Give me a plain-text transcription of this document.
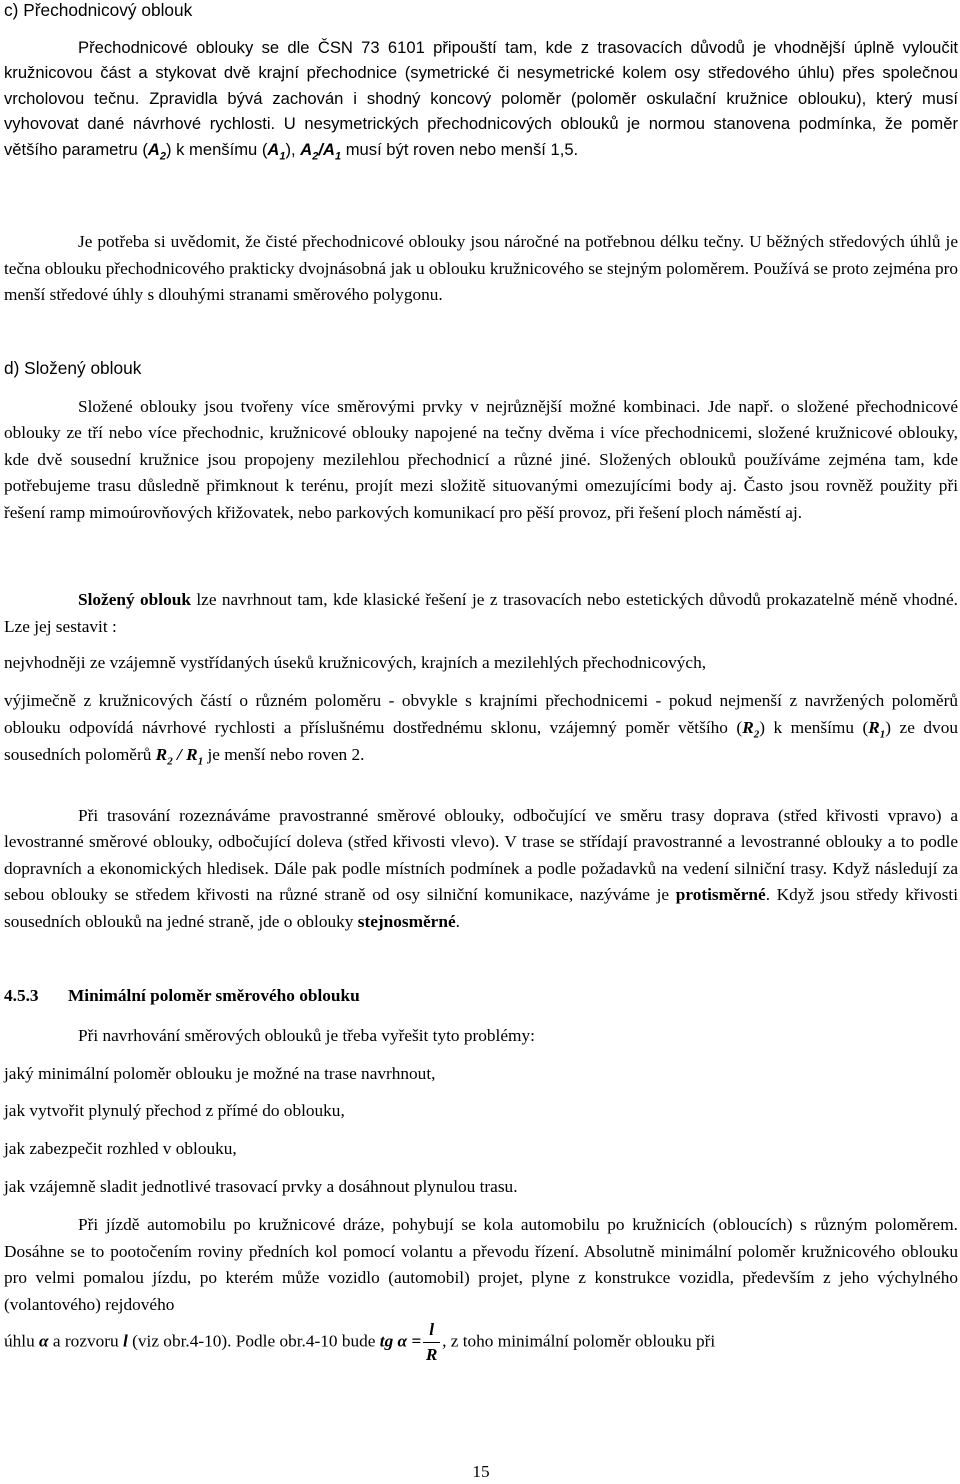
c) Přechodnicový oblouk

Přechodnicové oblouky se dle ČSN 73 6101 připouští tam, kde z trasovacích důvodů je vhodnější úplně vyloučit kružnicovou část a stykovat dvě krajní přechodnice (symetrické či nesymetrické kolem osy středového úhlu) přes společnou vrcholovou tečnu. Zpravidla bývá zachován i shodný koncový poloměr (poloměr oskulační kružnice oblouku), který musí vyhovovat dané návrhové rychlosti. U nesymetrických přechodnicových oblouků je normou stanovena podmínka, že poměr většího parametru $(A_2)$ k menšímu $(A_1)$, $A_2/A_1$ musí být roven nebo menší 1,5.

Je potřeba si uvědomit, že čisté přechodnicové oblouky jsou náročné na potřebnou délku tečny. U běžných středových úhlů je tečna oblouku přechodnicového prakticky dvojnásobná jak u oblouku kružnicového se stejným poloměrem. Používá se proto zejména pro menší středové úhly s dlouhými stranami směrového polygonu.

d) Složený oblouk

Složené oblouky jsou tvořeny více směrovými prvky v nejrůznější možné kombinaci. Jde např. o složené přechodnicové oblouky ze tří nebo více přechodnic, kružnicové oblouky napojené na tečny dvěma i více přechodnicemi, složené kružnicové oblouky, kde dvě sousední kružnice jsou propojeny mezilehlou přechodnicí a různé jiné. Složených oblouků používáme zejména tam, kde potřebujeme trasu důsledně přimknout k terénu, projít mezi složitě situovanými omezujícími body aj. Často jsou rovněž použity při řešení ramp mimoúrovňových křižovatek, nebo parkových komunikací pro pěší provoz, při řešení ploch náměstí aj.

Složený oblouk lze navrhnout tam, kde klasické řešení je z trasovacích nebo estetických důvodů prokazatelně méně vhodné. Lze jej sestavit :

nejvhodněji ze vzájemně vystřídaných úseků kružnicových, krajních a mezilehlých přechodnicových,

výjimečně z kružnicových částí o různém poloměru - obvykle s krajními přechodnicemi - pokud nejmenší z navržených poloměrů oblouku odpovídá návrhové rychlosti a příslušnému dostřednému sklonu, vzájemný poměr většího $(R_2)$ k menšímu $(R_1)$ ze dvou sousedních poloměrů $R_2 / R_1$ je menší nebo roven 2.

Při trasování rozeznáváme pravostranné směrové oblouky, odbočující ve směru trasy doprava (střed křivosti vpravo) a levostranné směrové oblouky, odbočující doleva (střed křivosti vlevo). V trase se střídají pravostranné a levostranné oblouky a to podle dopravních a ekonomických hledisek. Dále pak podle místních podmínek a podle požadavků na vedení silniční trasy. Když následují za sebou oblouky se středem křivosti na různé straně od osy silniční komunikace, nazýváme je protisměrné. Když jsou středy křivosti sousedních oblouků na jedné straně, jde o oblouky stejnosměrné.

4.5.3 Minimální poloměr směrového oblouku

Při navrhování směrových oblouků je třeba vyřešit tyto problémy:

jaký minimální poloměr oblouku je možné na trase navrhnout,

jak vytvořit plynulý přechod z přímé do oblouku,

jak zabezpečit rozhled v oblouku,

jak vzájemně sladit jednotlivé trasovací prvky a dosáhnout plynulou trasu.

Při jízdě automobilu po kružnicové dráze, pohybují se kola automobilu po kružnicích (obloucích) s různým poloměrem. Dosáhne se to pootočením roviny předních kol pomocí volantu a převodu řízení. Absolutně minimální poloměr kružnicového oblouku pro velmi pomalou jízdu, po kterém může vozidlo (automobil) projet, plyne z konstrukce vozidla, především z jeho výchylného (volantového) rejdového

úhlu α a rozvoru l (viz obr.4-10). Podle obr.4-10 bude tg $\alpha = \frac{l}{R}$ , z toho minimální poloměr oblouku při

15
